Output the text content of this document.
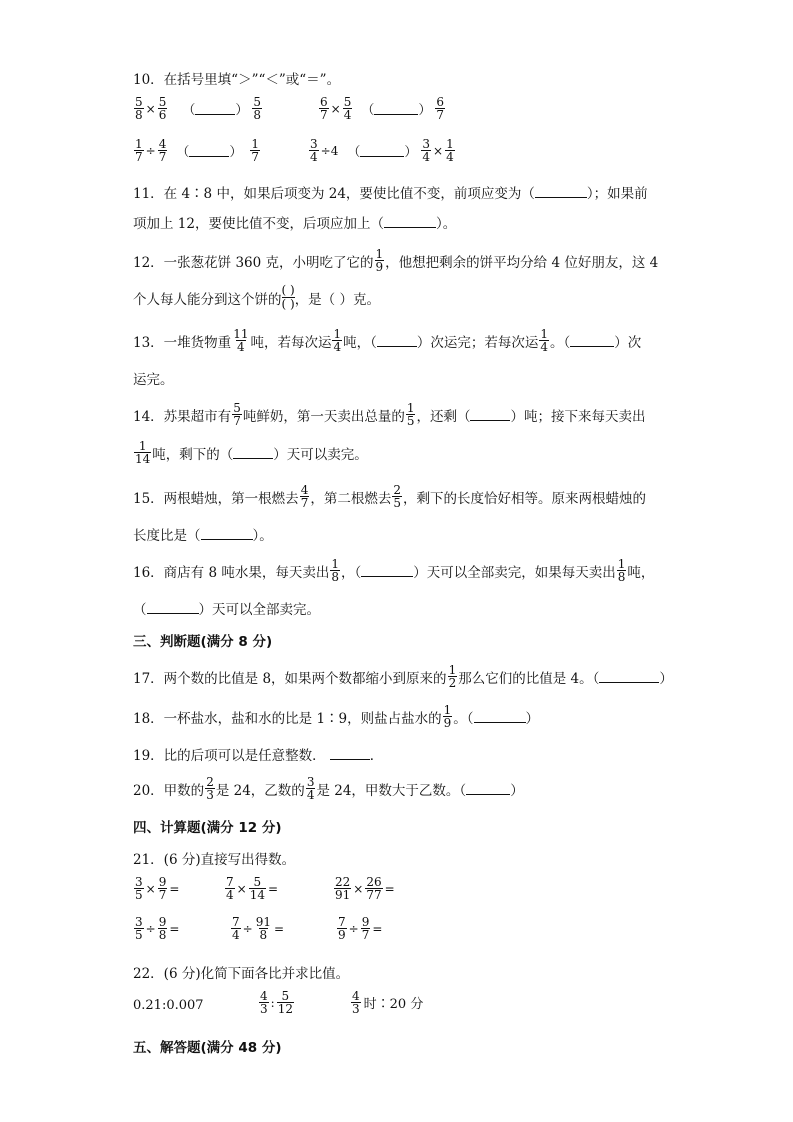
10．在括号里填“＞”“＜”或“＝”。
$\frac{5}{8} \times \frac{5}{6}$ （	） $\frac{5}{8}$	$\frac{6}{7} \times \frac{5}{4}$ （	） $\frac{6}{7}$
$\frac{1}{7} \div \frac{4}{7}$ （	） $\frac{1}{7}$	$\frac{3}{4} \div 4$ （	） $\frac{3}{4} \times \frac{1}{4}$
11．在 4∶8 中，如果后项变为 24，要使比值不变，前项应变为（	）；如果前
项加上 12，要使比值不变，后项应加上（	）。
12．一张葱花饼 360 克，小明吃了它的 $\frac{1}{9}$ ，他想把剩余的饼平均分给 4 位好朋友，这 4
个人每人能分到这个饼的 $\frac{( )}{( )}$ ，是（ ）克。
13．一堆货物重 $\frac{11}{4}$ 吨，若每次运 $\frac{1}{4}$ 吨，（	）次运完；若每次运 $\frac{1}{4}$ 。（	）次
运完。
14．苏果超市有 $\frac{5}{7}$ 吨鲜奶，第一天卖出总量的 $\frac{1}{5}$ ，还剩（	）吨；接下来每天卖出
$\frac{1}{14}$ 吨，剩下的（	）天可以卖完。
15．两根蜡烛，第一根燃去 $\frac{4}{7}$ ，第二根燃去 $\frac{2}{5}$ ，剩下的长度恰好相等。原来两根蜡烛的
长度比是（	）。
16．商店有 8 吨水果，每天卖出 $\frac{1}{8}$ ，（	）天可以全部卖完，如果每天卖出 $\frac{1}{8}$ 吨，
（	）天可以全部卖完。
三、判断题(满分 8 分)
17．两个数的比值是 8，如果两个数都缩小到原来的 $\frac{1}{2}$ 那么它们的比值是 4。（	）
18．一杯盐水，盐和水的比是 1∶9，则盐占盐水的 $\frac{1}{9}$ 。（	）
19．比的后项可以是任意整数．	．
20．甲数的 $\frac{2}{3}$ 是 24，乙数的 $\frac{3}{4}$ 是 24，甲数大于乙数。（	）
四、计算题(满分 12 分)
21．(6 分)直接写出得数。
$\frac{3}{5} \times \frac{9}{7}$ =	$\frac{7}{4} \times \frac{5}{14}$ =	$\frac{22}{91} \times \frac{26}{77}$ =
$\frac{3}{5} \div \frac{9}{8}$ =	$\frac{7}{4} \div \frac{91}{8}$ =	$\frac{7}{9} \div \frac{9}{7}$ =
22．(6 分)化简下面各比并求比值。
0.21:0.007	$\frac{4}{3}$ : $\frac{5}{12}$	$\frac{4}{3}$ 时∶20 分
五、解答题(满分 48 分)
